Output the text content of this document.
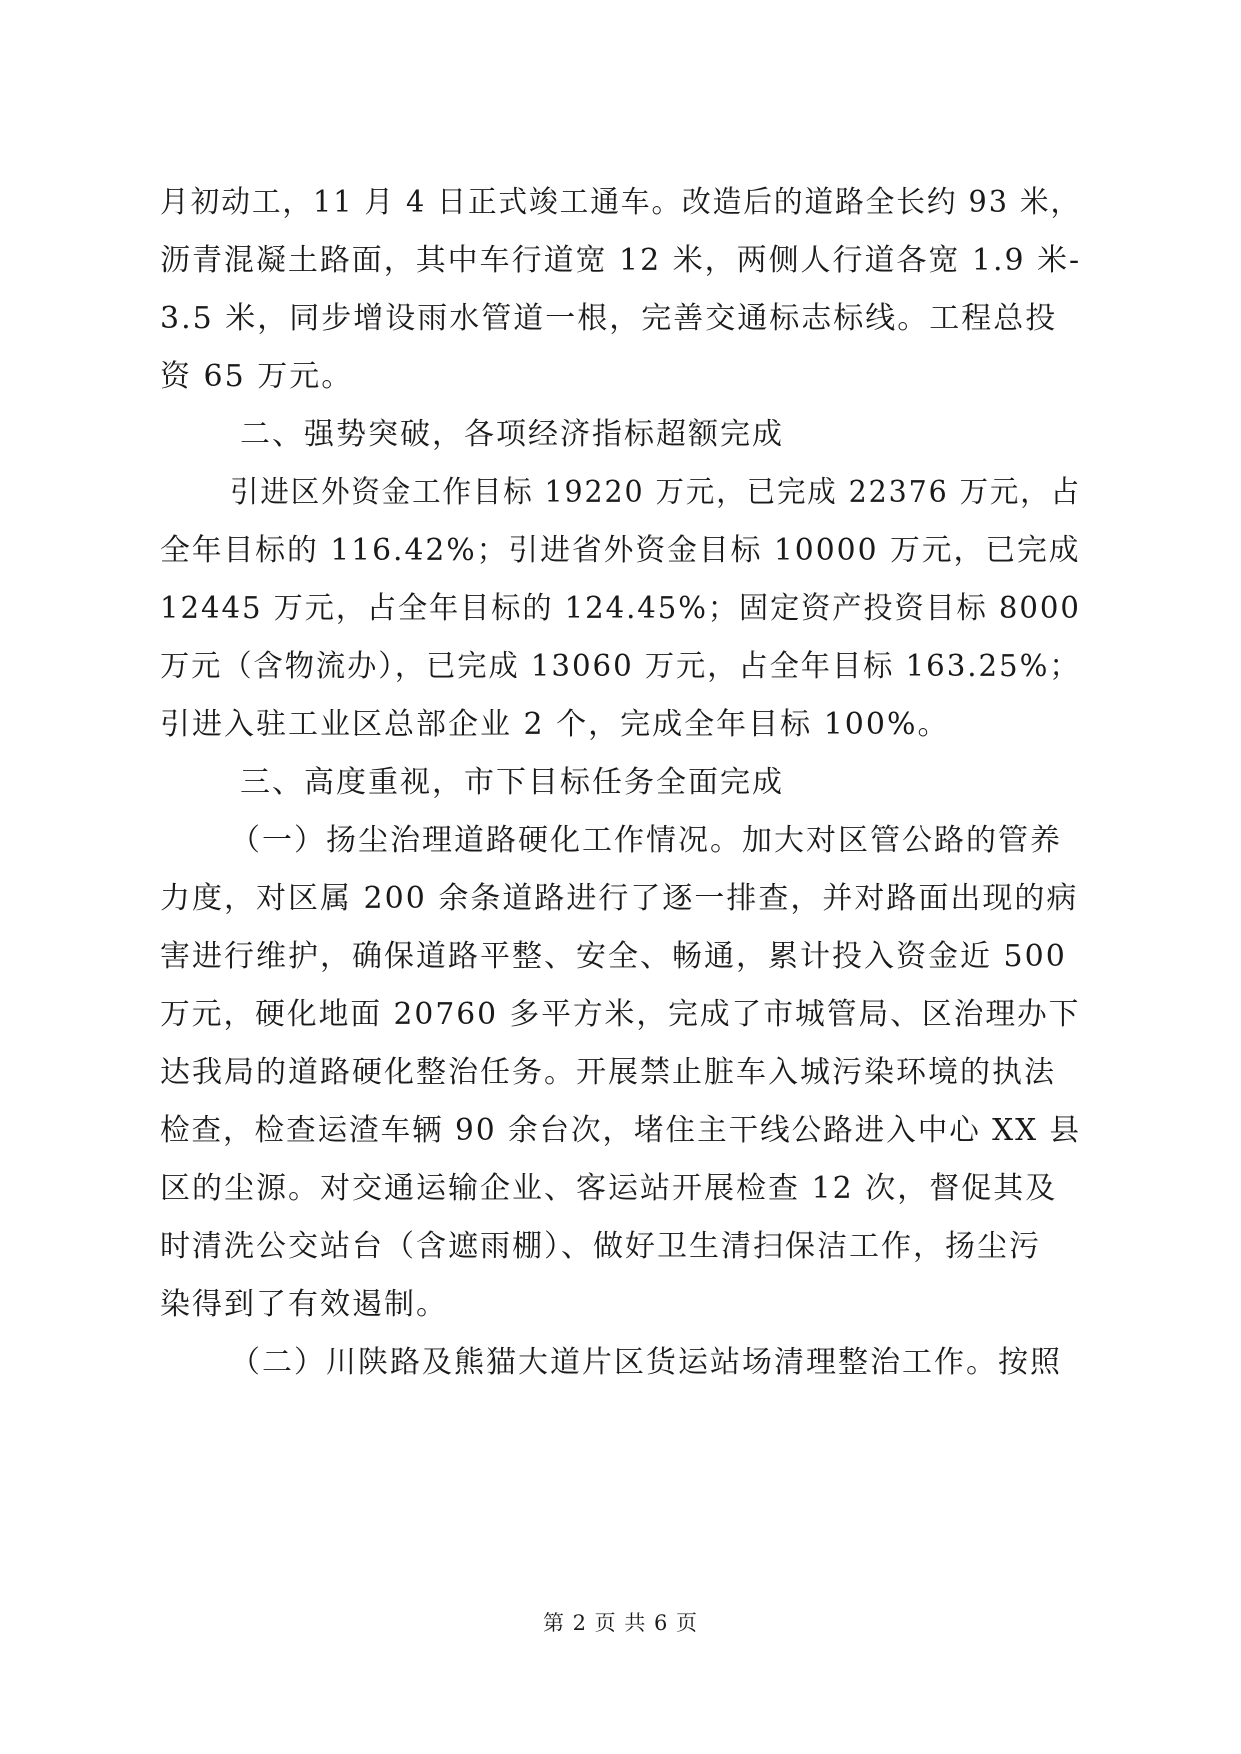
月初动工，11 月 4 日正式竣工通车。改造后的道路全长约 93 米，
沥青混凝土路面，其中车行道宽 12 米，两侧人行道各宽 1.9 米-
3.5 米，同步增设雨水管道一根，完善交通标志标线。工程总投
资 65 万元。
二、强势突破，各项经济指标超额完成
引进区外资金工作目标 19220 万元，已完成 22376 万元，占
全年目标的 116.42%；引进省外资金目标 10000 万元，已完成
12445 万元，占全年目标的 124.45%；固定资产投资目标 8000
万元（含物流办），已完成 13060 万元，占全年目标 163.25%；
引进入驻工业区总部企业 2 个，完成全年目标 100%。
三、高度重视，市下目标任务全面完成
（一）扬尘治理道路硬化工作情况。加大对区管公路的管养
力度，对区属 200 余条道路进行了逐一排查，并对路面出现的病
害进行维护，确保道路平整、安全、畅通，累计投入资金近 500
万元，硬化地面 20760 多平方米，完成了市城管局、区治理办下
达我局的道路硬化整治任务。开展禁止脏车入城污染环境的执法
检查，检查运渣车辆 90 余台次，堵住主干线公路进入中心 XX 县
区的尘源。对交通运输企业、客运站开展检查 12 次，督促其及
时清洗公交站台（含遮雨棚）、做好卫生清扫保洁工作，扬尘污
染得到了有效遏制。
（二）川陕路及熊猫大道片区货运站场清理整治工作。按照
第 2 页 共 6 页
